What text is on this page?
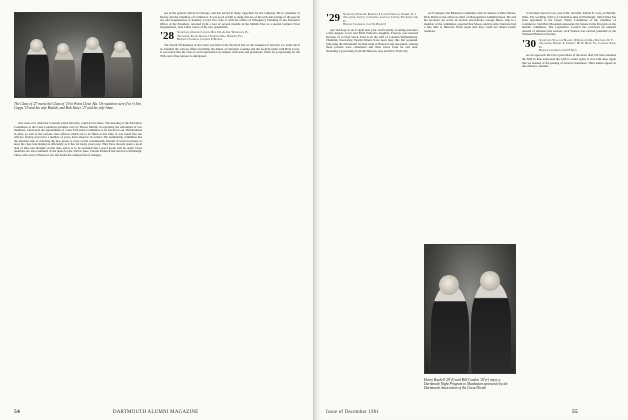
The Class of '27 meets the Class of '19 in Point Clear, Ala. On vacation were (l to r) Jim Capps '19 and his wife Beulah, and Bob Staier '27 and his wife Anne.

who took over when the Councils found that they could not be there. The meeting of the Executive Committee at the Class Luncheon presided over by Howie Mollin, in regretting the retirement of two members, sanctioned the appointment of a new Executive Committee to be elected at our 35th Reunion in June, as well as the various class officers which are to be filled at that time. It was noted that our officers, having served for a number of years, have asked to be retired. The nominating committee has the pleasant task of selecting the new group to carry on the considerable amount of work necessary to keep the class functioning as efficiently as it has for many years past. They have already spent a good deal of time and thought on this task, and it is to be assumed that a good group will be ready. Class members are also reminded of the plans for the 35th in June. Charlie Paddock has moved to Pittsburgh. Those who were at Hanover last fall found the campus full of changes.

gas in the general offices in Chicago, and has served in many capacities for the company. He is a member of Rotary and the Chamber of Commerce. It was good of him to make full use of his wide knowledge of the special use and requirements of industry. Lloyd Fox, who is with the Office of Emergency Planning in the Executive Office of the President, returned from a tour of several months in the Middle East as a special Cultural Trust Organization. Jack Chute writes of his new grandchild.

'28	Secretary, Osmond Jackson, Box 321, Alpine, Wenhaven, Pa.
Treasurer, Frank Harris, 174 Anson Dr., Dunedin, Fla.
Bequest Chairman, Charles F. Becker

The fourth '28 Reunion of the Class was held at the Norwich Inn on the weekend of October 14. Some 40 of us attended the various affairs including the dinner on Saturday evening and the football game with Holy Cross. It was noted that the class is well represented on campus with sons and grandsons. Plans are progressing for the 35th, and a fine turnout is anticipated.

54	DARTMOUTH ALUMNI MAGAZINE
'29	Secretary, Edwin R. Redding, 6 Carter Terrace, Summit, N. J.
Treasurer, John C. Cornelius, Gateway Center, Pittsburgh 22, Pa.
Bequest Chairman, Jack W. Burnett

day and hope to do it again next year. Jean's hobby is sailing and she's a fine skipper. Crow and Ethie Pollock's daughter, Frances, was married October 21 to Fred Stock. Fred is on the staff of Colonial Williamsburg. Thankful, fun-loving Twenty-Niners have been busy this fall weekend, following the Dartmouth football team at Hanover and elsewhere. Among those present were classmates and their wives from far and near, including a good many from the Hanover area and New York City.

ser Forquerer and Business Committee with an address at Ohio House. Dick Bobin is the editor-in-chief of Management Administration. He and his secretary are active in several associations. George Bates, who is a member of the committee, reported that Moore and his wife Charlotte had a fine time at Hanover. Both regret that they could not attend earlier reunions.

to Norman Stewart Carr, son of Mr. and Mrs. Robert E. Carr, of Oberlin, Ohio. The wedding will be at Christmas time in Pittsburgh. John Fisher has been appointed to the Upper Valley Committee of the Chamber of Commerce. Sam Bob Mossman represents the Senate in the Program on the interim committee. The Legislative Council has reviewed an unusual amount of business this session. Jack Watson was elected president of the Vermont Historical Society.

'30	Secretary, Wallace Blakey, 36 Roswood Dr., Newtown, N. Y.
Treasurer, Robert A. Embrey, 60 W. River St., Carlisle Park, Pa.
Bequest Chairman, John P. Rich

As we approach the fall a great share of the more than 100 who attended the 30th in June expressed the wish to return again. It was with deep regret that we learned of the passing of several classmates. Their names appear in the obituary columns.

Henry Buchell '28 (l) and Bill Condon '29 (r) enjoy a Dartmouth Night Program in Manhattan sponsored by the Dartmouth Association of the Great Divide.
Issue of December 1961	55
